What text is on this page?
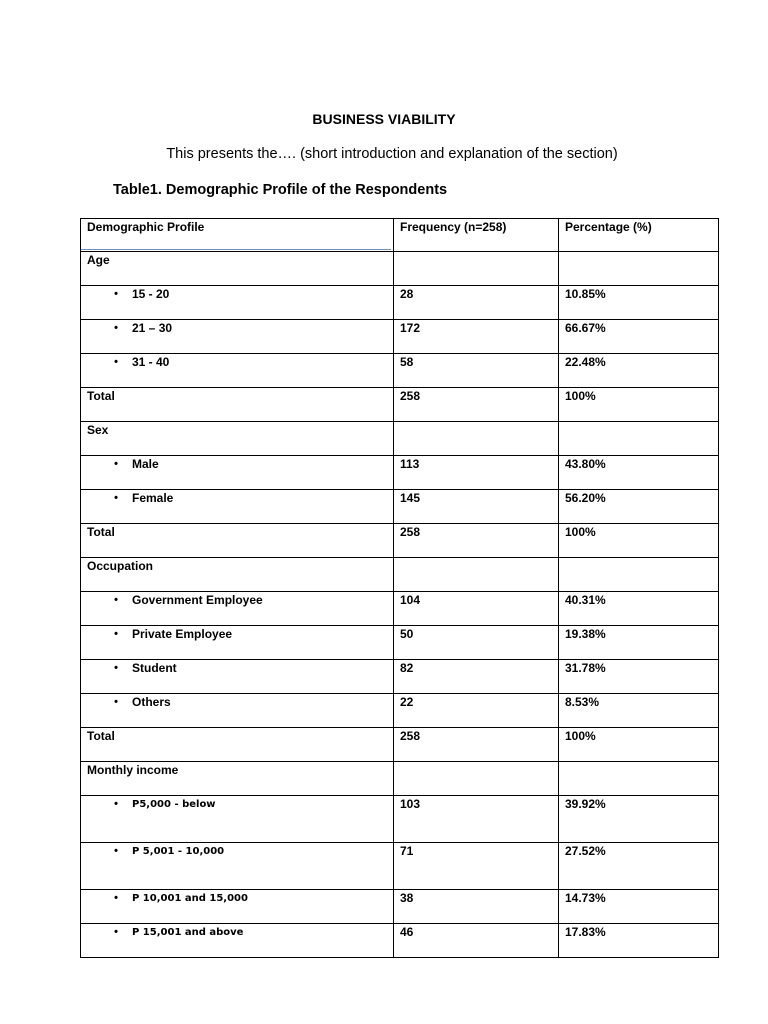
BUSINESS VIABILITY
This presents the…. (short introduction and explanation of the section)
Table1. Demographic Profile of the Respondents
Demographic Profile	Frequency (n=258)	Percentage (%)
Age		

• 15 - 20	28	10.85%

• 21 – 30	172	66.67%

• 31 - 40	58	22.48%
Total	258	100%
Sex		

• Male	113	43.80%

• Female	145	56.20%
Total	258	100%
Occupation		

• Government Employee	104	40.31%

• Private Employee	50	19.38%

• Student	82	31.78%

• Others	22	8.53%
Total	258	100%
Monthly income		

• P5,000 - below	103	39.92%

• P 5,001 - 10,000	71	27.52%

• P 10,001 and 15,000	38	14.73%

• P 15,001 and above	46	17.83%
